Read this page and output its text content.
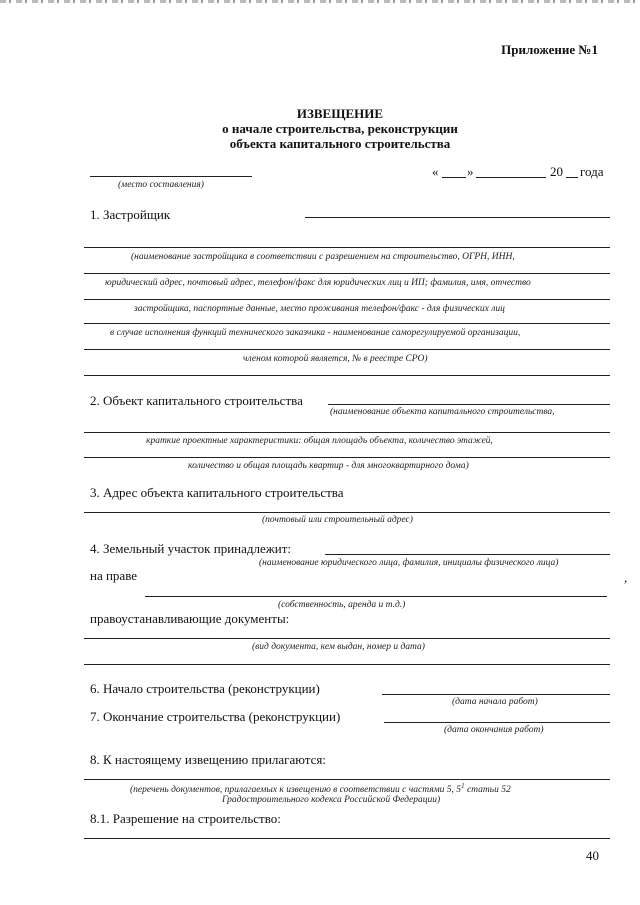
Приложение №1
ИЗВЕЩЕНИЕ
о начале строительства, реконструкции
объекта капитального строительства
(место составления)
« »	20 года
1. Застройщик
(наименование застройщика в соответствии с разрешением на строительство, ОГРН, ИНН,
юридический адрес, почтовый адрес, телефон/факс для юридических лиц и ИП; фамилия, имя, отчество
застройщика, паспортные данные, место проживания телефон/факс - для физических лиц
в случае исполнения функций технического заказчика - наименование саморегулируемой организации,
членом которой является, № в реестре СРО)
2. Объект капитального строительства
(наименование объекта капитального строительства,
краткие проектные характеристики: общая площадь объекта, количество этажей,
количество и общая площадь квартир - для многоквартирного дома)
3. Адрес объекта капитального строительства
(почтовый или строительный адрес)
4. Земельный участок принадлежит:
(наименование юридического лица, фамилия, инициалы физического лица)
на праве	,
(собственность, аренда и т.д.)
правоустанавливающие документы:
(вид документа, кем выдан, номер и дата)
6. Начало строительства (реконструкции)
(дата начала работ)
7. Окончание строительства (реконструкции)
(дата окончания работ)
8. К настоящему извещению прилагаются:
(перечень документов, прилагаемых к извещению в соответствии с частями 5, $5^1$ статьи 52
Градостроительного кодекса Российской Федерации)
8.1. Разрешение на строительство:
40
